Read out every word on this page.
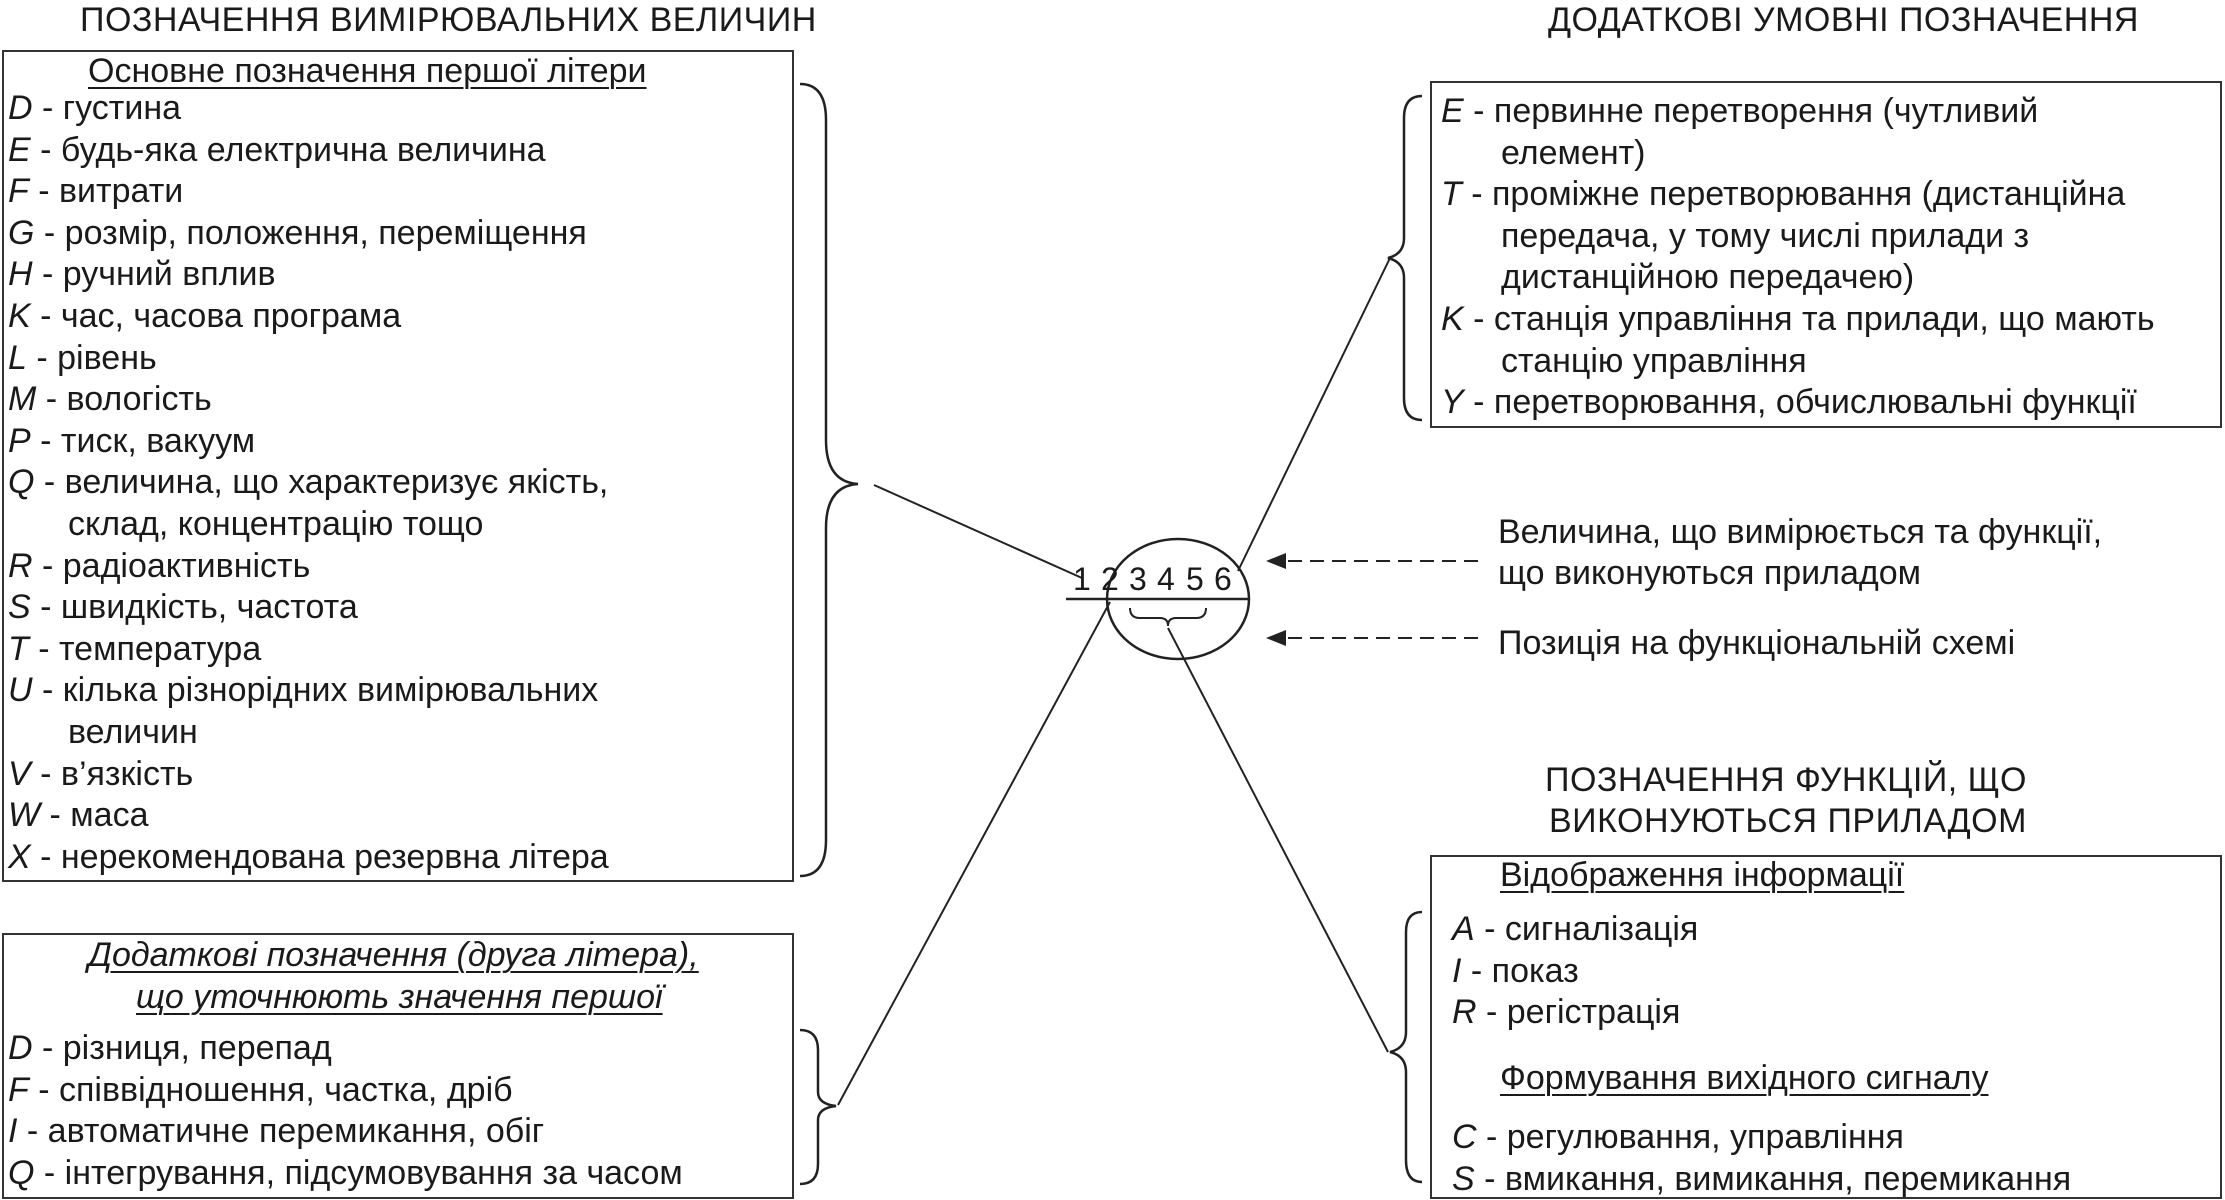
ПОЗНАЧЕННЯ ВИМІРЮВАЛЬНИХ ВЕЛИЧИН	ДОДАТКОВІ УМОВНІ ПОЗНАЧЕННЯ
ПОЗНАЧЕННЯ ФУНКЦІЙ, ЩО
ВИКОНУЮТЬСЯ ПРИЛАДОМ
Основне позначення першої літери
D - густина
E - будь-яка електрична величина
F - витрати
G - розмір, положення, переміщення
H - ручний вплив
K - час, часова програма
L - рівень
M - вологість
P - тиск, вакуум
Q - величина, що характеризує якість,
склад, концентрацію тощо
R - радіоактивність
S - швидкість, частота
T - температура
U - кілька різнорідних вимірювальних
величин
V - в’язкість
W - маса
X - нерекомендована резервна літера
Додаткові позначення (друга літера),
що уточнюють значення першої
D - різниця, перепад
F - співвідношення, частка, дріб
I - автоматичне перемикання, обіг
Q - інтегрування, підсумовування за часом
E - первинне перетворення (чутливий
елемент)
T - проміжне перетворювання (дистанційна
передача, у тому числі прилади з
дистанційною передачею)
K - станція управління та прилади, що мають
станцію управління
Y - перетворювання, обчислювальні функції
Відображення інформації
A - сигналізація
I - показ
R - регістрація
Формування вихідного сигналу
C - регулювання, управління
S - вмикання, вимикання, перемикання
1 2 3 4 5 6
Величина, що вимірюється та функції,
що виконуються приладом
Позиція на функціональній схемі
